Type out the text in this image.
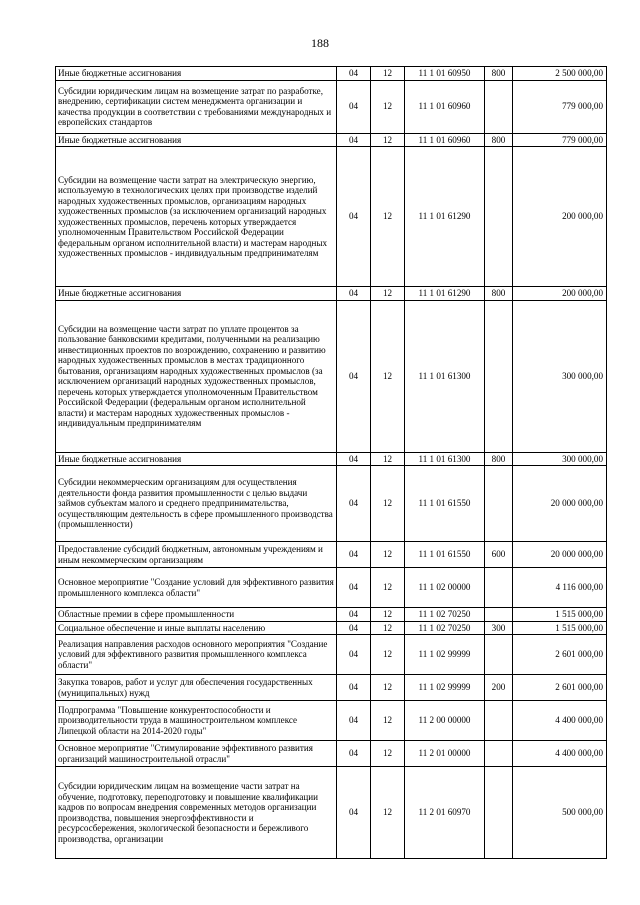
188
Иные бюджетные ассигнования	04	12	11 1 01 60950	800	2 500 000,00
Субсидии юридическим лицам на возмещение затрат по разработке, внедрению, сертификации систем менеджмента организации и качества продукции в соответствии с требованиями международных и европейских стандартов	04	12	11 1 01 60960		779 000,00
Иные бюджетные ассигнования	04	12	11 1 01 60960	800	779 000,00
Субсидии на возмещение части затрат на электрическую энергию, используемую в технологических целях при производстве изделий народных художественных промыслов, организациям народных художественных промыслов (за исключением организаций народных художественных промыслов, перечень которых утверждается уполномоченным Правительством Российской Федерации федеральным органом исполнительной власти) и мастерам народных художественных промыслов - индивидуальным предпринимателям	04	12	11 1 01 61290		200 000,00
Иные бюджетные ассигнования	04	12	11 1 01 61290	800	200 000,00
Субсидии на возмещение части затрат по уплате процентов за пользование банковскими кредитами, полученными на реализацию инвестиционных проектов по возрождению, сохранению и развитию народных художественных промыслов в местах традиционного бытования, организациям народных художественных промыслов (за исключением организаций народных художественных промыслов, перечень которых утверждается уполномоченным Правительством Российской Федерации (федеральным органом исполнительной власти) и мастерам народных художественных промыслов - индивидуальным предпринимателям	04	12	11 1 01 61300		300 000,00
Иные бюджетные ассигнования	04	12	11 1 01 61300	800	300 000,00
Субсидии некоммерческим организациям для осуществления деятельности фонда развития промышленности с целью выдачи займов субъектам малого и среднего предпринимательства, осуществляющим деятельность в сфере промышленного производства (промышленности)	04	12	11 1 01 61550		20 000 000,00
Предоставление субсидий бюджетным, автономным учреждениям и иным некоммерческим организациям	04	12	11 1 01 61550	600	20 000 000,00
Основное мероприятие "Создание условий для эффективного развития промышленного комплекса области"	04	12	11 1 02 00000		4 116 000,00
Областные премии в сфере промышленности	04	12	11 1 02 70250		1 515 000,00
Социальное обеспечение и иные выплаты населению	04	12	11 1 02 70250	300	1 515 000,00
Реализация направления расходов основного мероприятия "Создание условий для эффективного развития промышленного комплекса области"	04	12	11 1 02 99999		2 601 000,00
Закупка товаров, работ и услуг для обеспечения государственных (муниципальных) нужд	04	12	11 1 02 99999	200	2 601 000,00
Подпрограмма "Повышение конкурентоспособности и производительности труда в машиностроительном комплексе Липецкой области на 2014-2020 годы"	04	12	11 2 00 00000		4 400 000,00
Основное мероприятие "Стимулирование эффективного развития организаций машиностроительной отрасли"	04	12	11 2 01 00000		4 400 000,00
Субсидии юридическим лицам на возмещение части затрат на обучение, подготовку, переподготовку и повышение квалификации кадров по вопросам внедрения современных методов организации производства, повышения энергоэффективности и ресурсосбережения, экологической безопасности и бережливого производства, организации	04	12	11 2 01 60970		500 000,00
